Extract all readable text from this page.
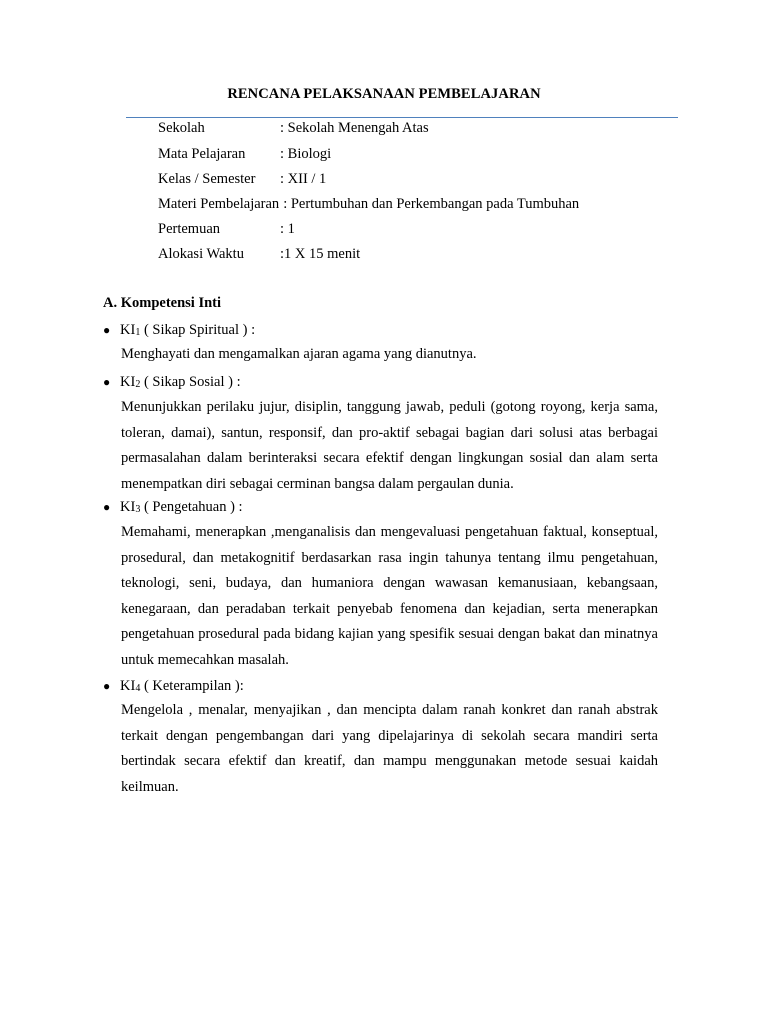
RENCANA PELAKSANAAN PEMBELAJARAN
Sekolah	: Sekolah Menengah Atas
Mata Pelajaran : Biologi
Kelas / Semester : XII / 1
Materi Pembelajaran : Pertumbuhan dan Perkembangan pada Tumbuhan
Pertemuan	: 1
Alokasi Waktu :1 X 15 menit
A. Kompetensi Inti
● KI1 ( Sikap Spiritual ) :

Menghayati dan mengamalkan ajaran agama yang dianutnya.

● KI2 ( Sikap Sosial ) :

Menunjukkan perilaku jujur, disiplin, tanggung jawab, peduli (gotong royong, kerja sama, toleran, damai), santun, responsif, dan pro-aktif sebagai bagian dari solusi atas berbagai permasalahan dalam berinteraksi secara efektif dengan lingkungan sosial dan alam serta menempatkan diri sebagai cerminan bangsa dalam pergaulan dunia.

● KI3 ( Pengetahuan ) :

Memahami, menerapkan ,menganalisis dan mengevaluasi pengetahuan faktual, konseptual, prosedural, dan metakognitif berdasarkan rasa ingin tahunya tentang ilmu pengetahuan, teknologi, seni, budaya, dan humaniora dengan wawasan kemanusiaan, kebangsaan, kenegaraan, dan peradaban terkait penyebab fenomena dan kejadian, serta menerapkan pengetahuan prosedural pada bidang kajian yang spesifik sesuai dengan bakat dan minatnya untuk memecahkan masalah.

● KI4 ( Keterampilan ):

Mengelola , menalar, menyajikan , dan mencipta dalam ranah konkret dan ranah abstrak terkait dengan pengembangan dari yang dipelajarinya di sekolah secara mandiri serta bertindak secara efektif dan kreatif, dan mampu menggunakan metode sesuai kaidah keilmuan.
